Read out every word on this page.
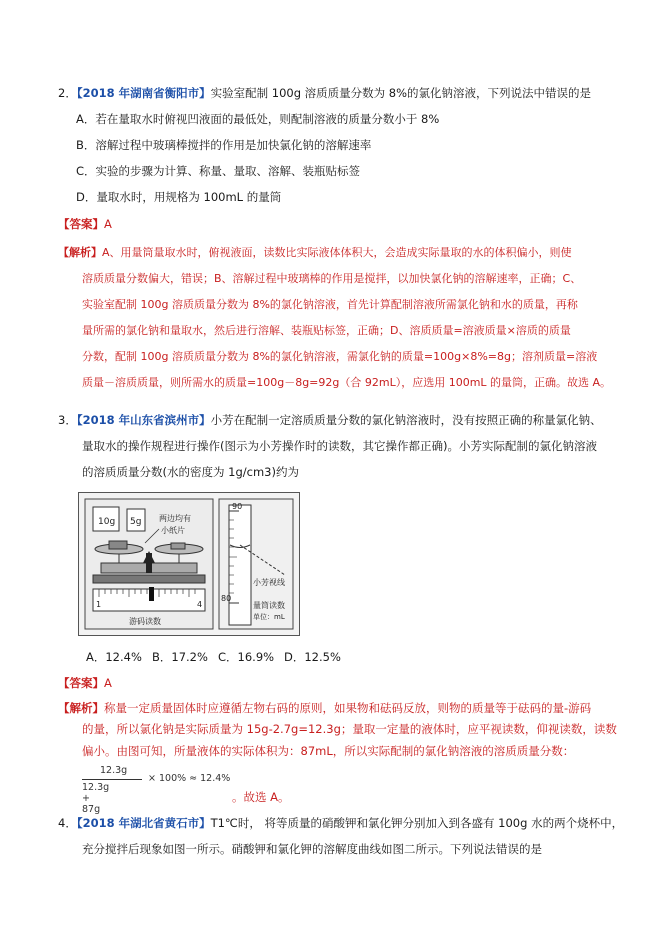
2．【2018 年湖南省衡阳市】实验室配制 100g 溶质质量分数为 8%的氯化钠溶液，下列说法中错误的是
A．若在量取水时俯视凹液面的最低处，则配制溶液的质量分数小于 8%
B．溶解过程中玻璃棒搅拌的作用是加快氯化钠的溶解速率
C．实验的步骤为计算、称量、量取、溶解、装瓶贴标签
D．量取水时，用规格为 100mL 的量筒
【答案】A
【解析】A、用量筒量取水时，俯视液面，读数比实际液体体积大，会造成实际量取的水的体积偏小，则使
溶质质量分数偏大，错误；B、溶解过程中玻璃棒的作用是搅拌，以加快氯化钠的溶解速率，正确；C、
实验室配制 100g 溶质质量分数为 8%的氯化钠溶液，首先计算配制溶液所需氯化钠和水的质量，再称
量所需的氯化钠和量取水，然后进行溶解、装瓶贴标签，正确；D、溶质质量=溶液质量×溶质的质量
分数，配制 100g 溶质质量分数为 8%的氯化钠溶液，需氯化钠的质量=100g×8%=8g；溶剂质量=溶液
质量－溶质质量，则所需水的质量=100g－8g=92g（合 92mL），应选用 100mL 的量筒，正确。故选 A。
3．【2018 年山东省滨州市】小芳在配制一定溶质质量分数的氯化钠溶液时，没有按照正确的称量氯化钠、
量取水的操作规程进行操作(图示为小芳操作时的读数，其它操作都正确)。小芳实际配制的氯化钠溶液
的溶质质量分数(水的密度为 1g/cm3)约为
10g 5g 两边均有
小纸片
1	4
游码读数
90
80
小芳视线
量筒读数
单位：mL
A．12.4% B．17.2% C．16.9% D．12.5%
【答案】A
【解析】称量一定质量固体时应遵循左物右码的原则，如果物和砝码反放，则物的质量等于砝码的量-游码
的量，所以氯化钠是实际质量为 15g-2.7g=12.3g；量取一定量的液体时，应平视读数，仰视读数，读数
偏小。由图可知，所量液体的实际体积为：87mL，所以实际配制的氯化钠溶液的溶质质量分数：
12.3g
12.3g + 87g
× 100% ≈ 12.4%
。故选 A。
4．【2018 年湖北省黄石市】T1℃时， 将等质量的硝酸钾和氯化钾分别加入到各盛有 100g 水的两个烧杯中，
充分搅拌后现象如图一所示。硝酸钾和氯化钾的溶解度曲线如图二所示。下列说法错误的是
